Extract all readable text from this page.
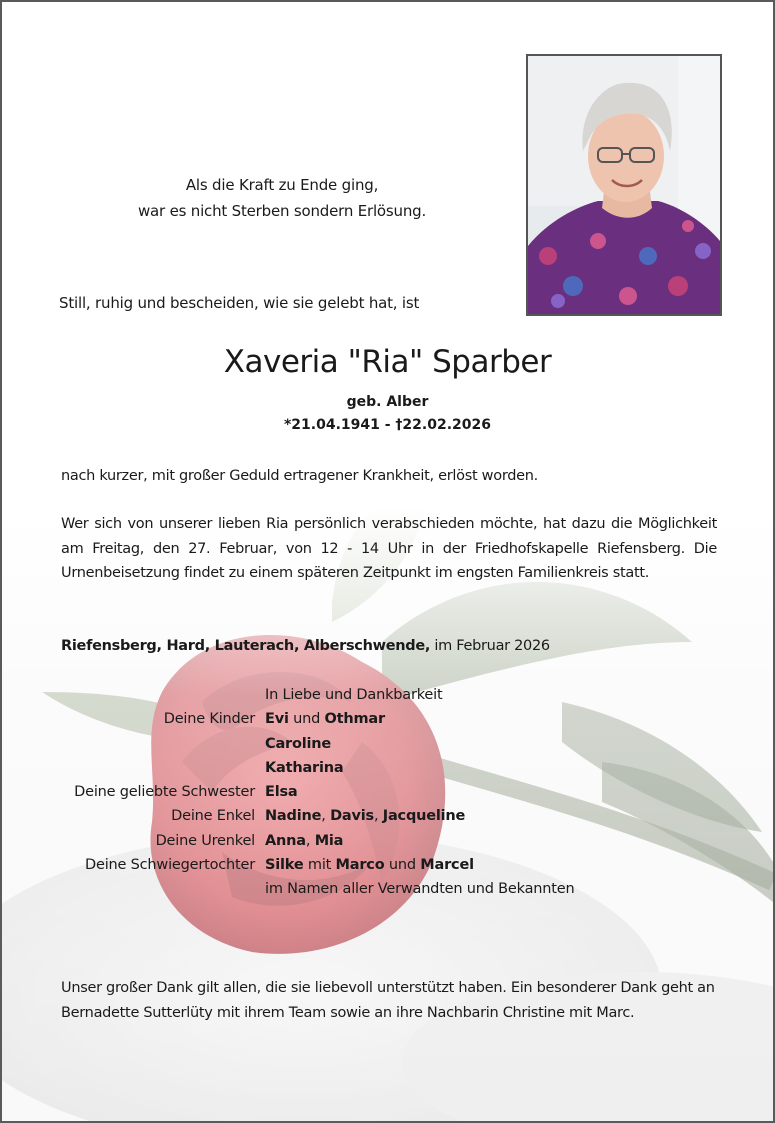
Als die Kraft zu Ende ging,
war es nicht Sterben sondern Erlösung.
Still, ruhig und bescheiden, wie sie gelebt hat, ist
Xaveria "Ria" Sparber
geb. Alber
*21.04.1941 - †22.02.2026
nach kurzer, mit großer Geduld ertragener Krankheit, erlöst worden.
Wer sich von unserer lieben Ria persönlich verabschieden möchte, hat dazu die Möglichkeit am Freitag, den 27. Februar, von 12 - 14 Uhr in der Friedhofskapelle Riefensberg. Die Urnenbeisetzung findet zu einem späteren Zeitpunkt im engsten Familienkreis statt.
Riefensberg, Hard, Lauterach, Alberschwende, im Februar 2026
In Liebe und Dankbarkeit
Deine Kinder Evi und Othmar
Caroline
Katharina
Deine geliebte Schwester Elsa
Deine Enkel Nadine, Davis, Jacqueline
Deine Urenkel Anna, Mia
Deine Schwiegertochter Silke mit Marco und Marcel
im Namen aller Verwandten und Bekannten
Unser großer Dank gilt allen, die sie liebevoll unterstützt haben. Ein besonderer Dank geht an Bernadette Sutterlüty mit ihrem Team sowie an ihre Nachbarin Christine mit Marc.
